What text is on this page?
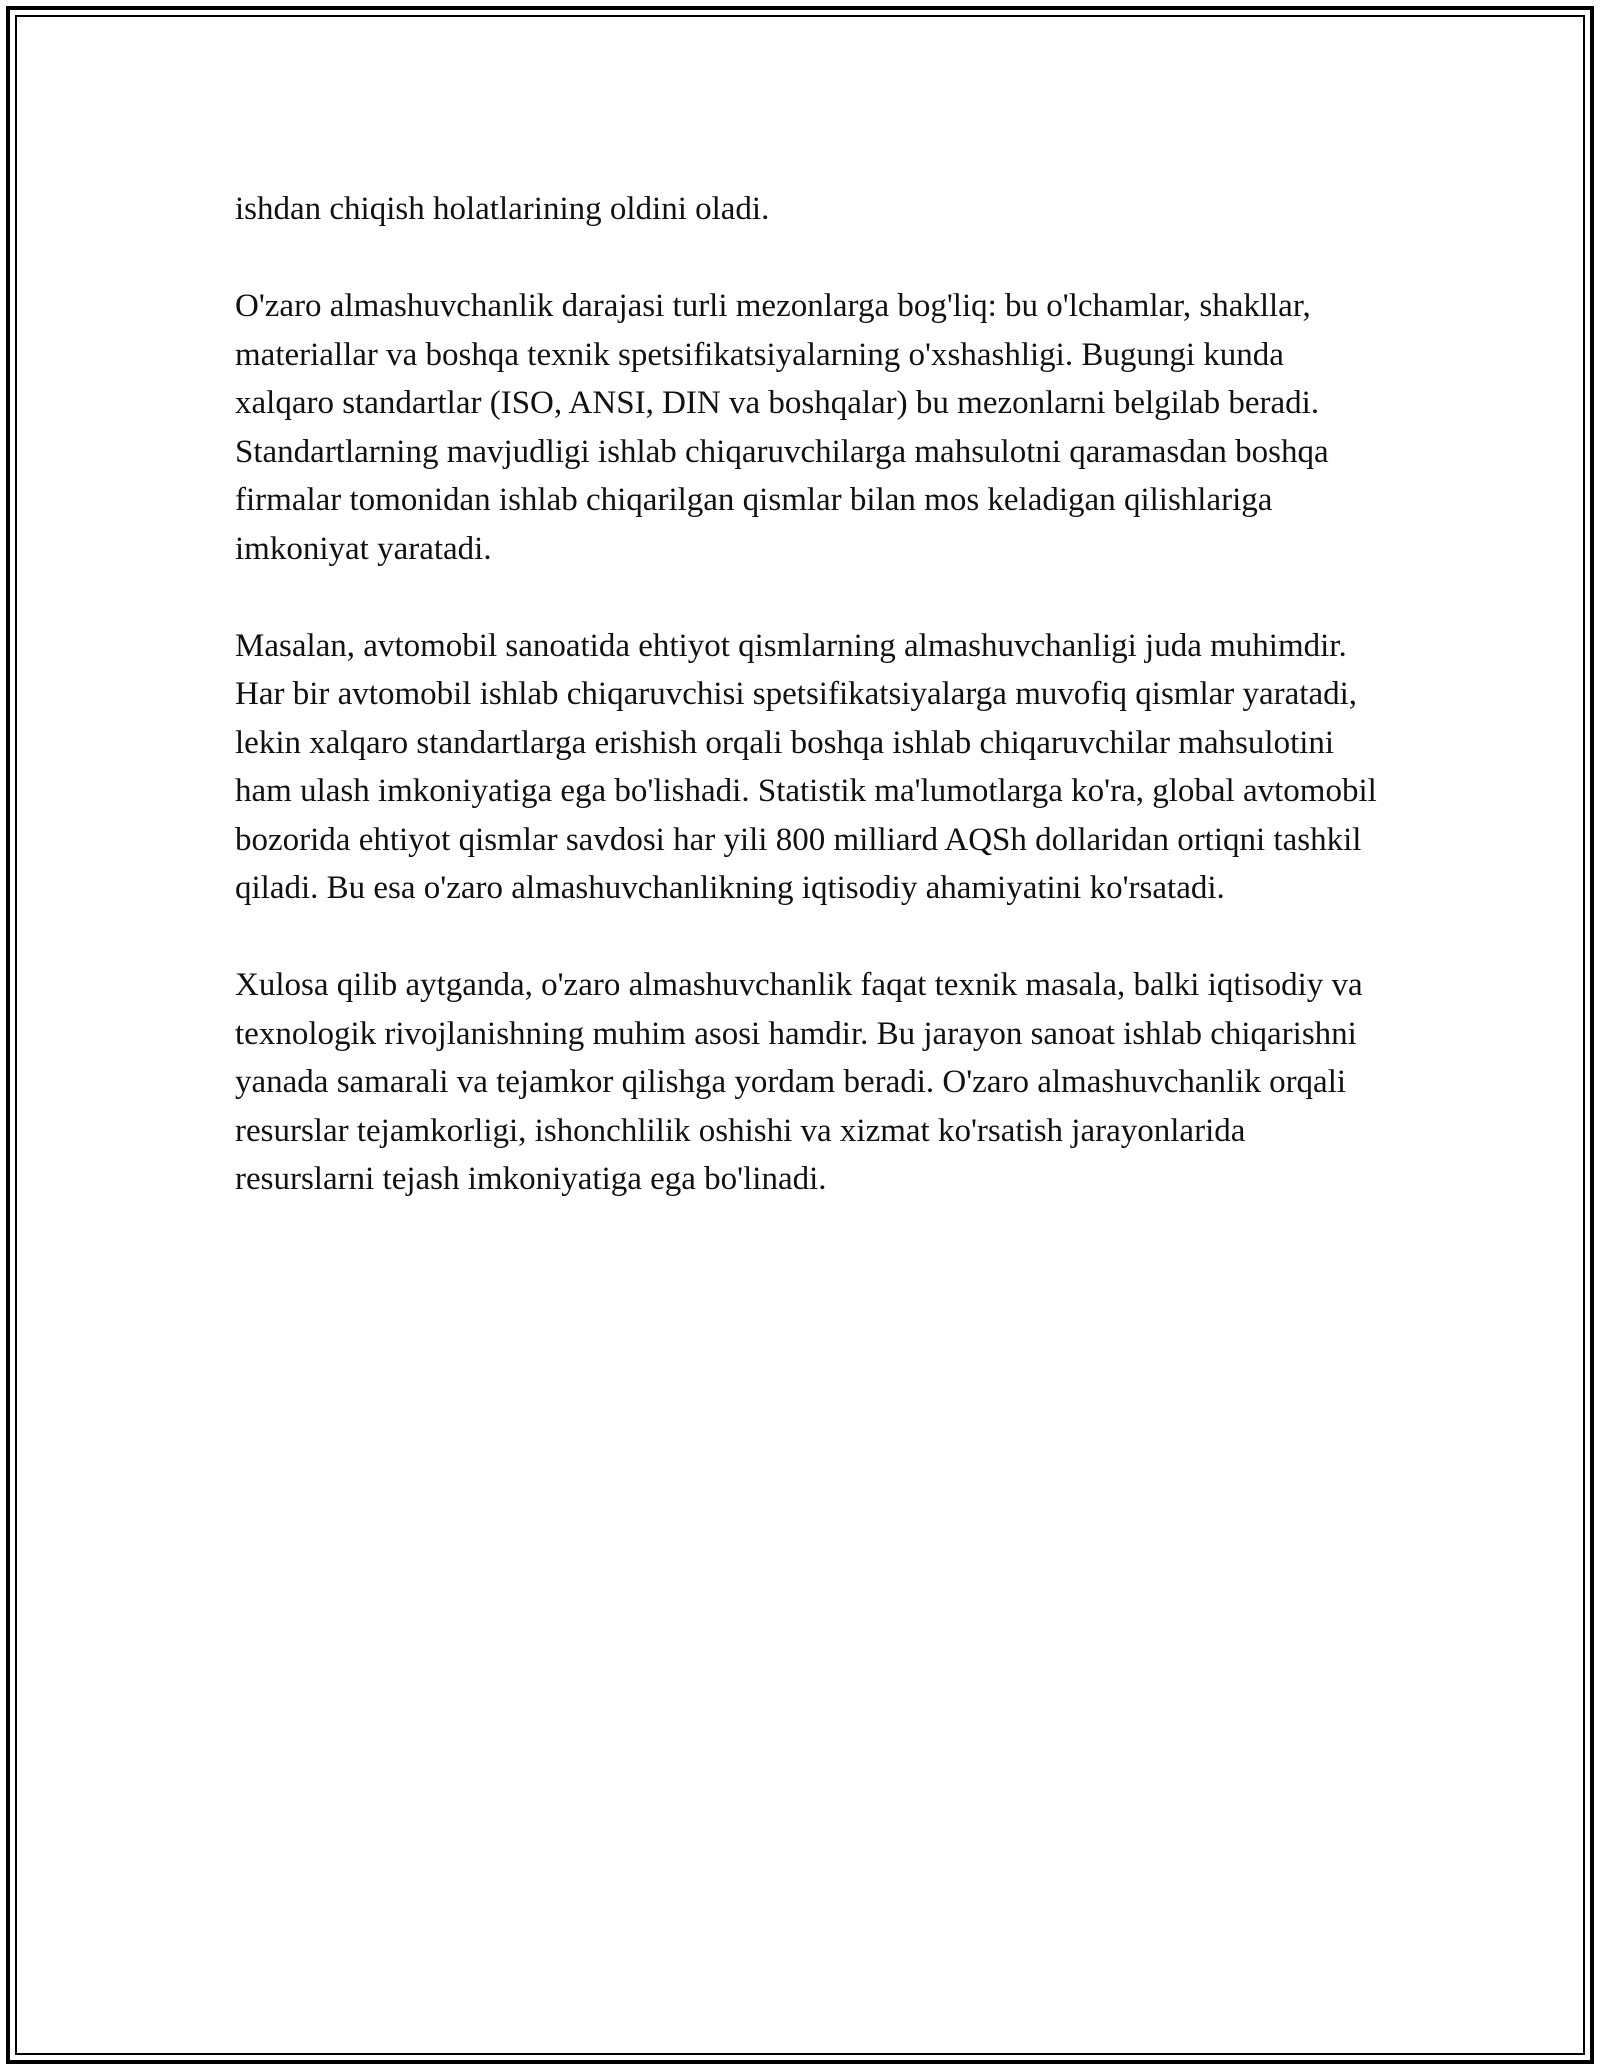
ishdan chiqish holatlarining oldini oladi.

O'zaro almashuvchanlik darajasi turli mezonlarga bog'liq: bu o'lchamlar, shakllar, materiallar va boshqa texnik spetsifikatsiyalarning o'xshashligi. Bugungi kunda xalqaro standartlar (ISO, ANSI, DIN va boshqalar) bu mezonlarni belgilab beradi. Standartlarning mavjudligi ishlab chiqaruvchilarga mahsulotni qaramasdan boshqa firmalar tomonidan ishlab chiqarilgan qismlar bilan mos keladigan qilishlariga imkoniyat yaratadi.

Masalan, avtomobil sanoatida ehtiyot qismlarning almashuvchanligi juda muhimdir. Har bir avtomobil ishlab chiqaruvchisi spetsifikatsiyalarga muvofiq qismlar yaratadi, lekin xalqaro standartlarga erishish orqali boshqa ishlab chiqaruvchilar mahsulotini ham ulash imkoniyatiga ega bo'lishadi. Statistik ma'lumotlarga ko'ra, global avtomobil bozorida ehtiyot qismlar savdosi har yili 800 milliard AQSh dollaridan ortiqni tashkil qiladi. Bu esa o'zaro almashuvchanlikning iqtisodiy ahamiyatini ko'rsatadi.

Xulosa qilib aytganda, o'zaro almashuvchanlik faqat texnik masala, balki iqtisodiy va texnologik rivojlanishning muhim asosi hamdir. Bu jarayon sanoat ishlab chiqarishni yanada samarali va tejamkor qilishga yordam beradi. O'zaro almashuvchanlik orqali resurslar tejamkorligi, ishonchlilik oshishi va xizmat ko'rsatish jarayonlarida resurslarni tejash imkoniyatiga ega bo'linadi.
